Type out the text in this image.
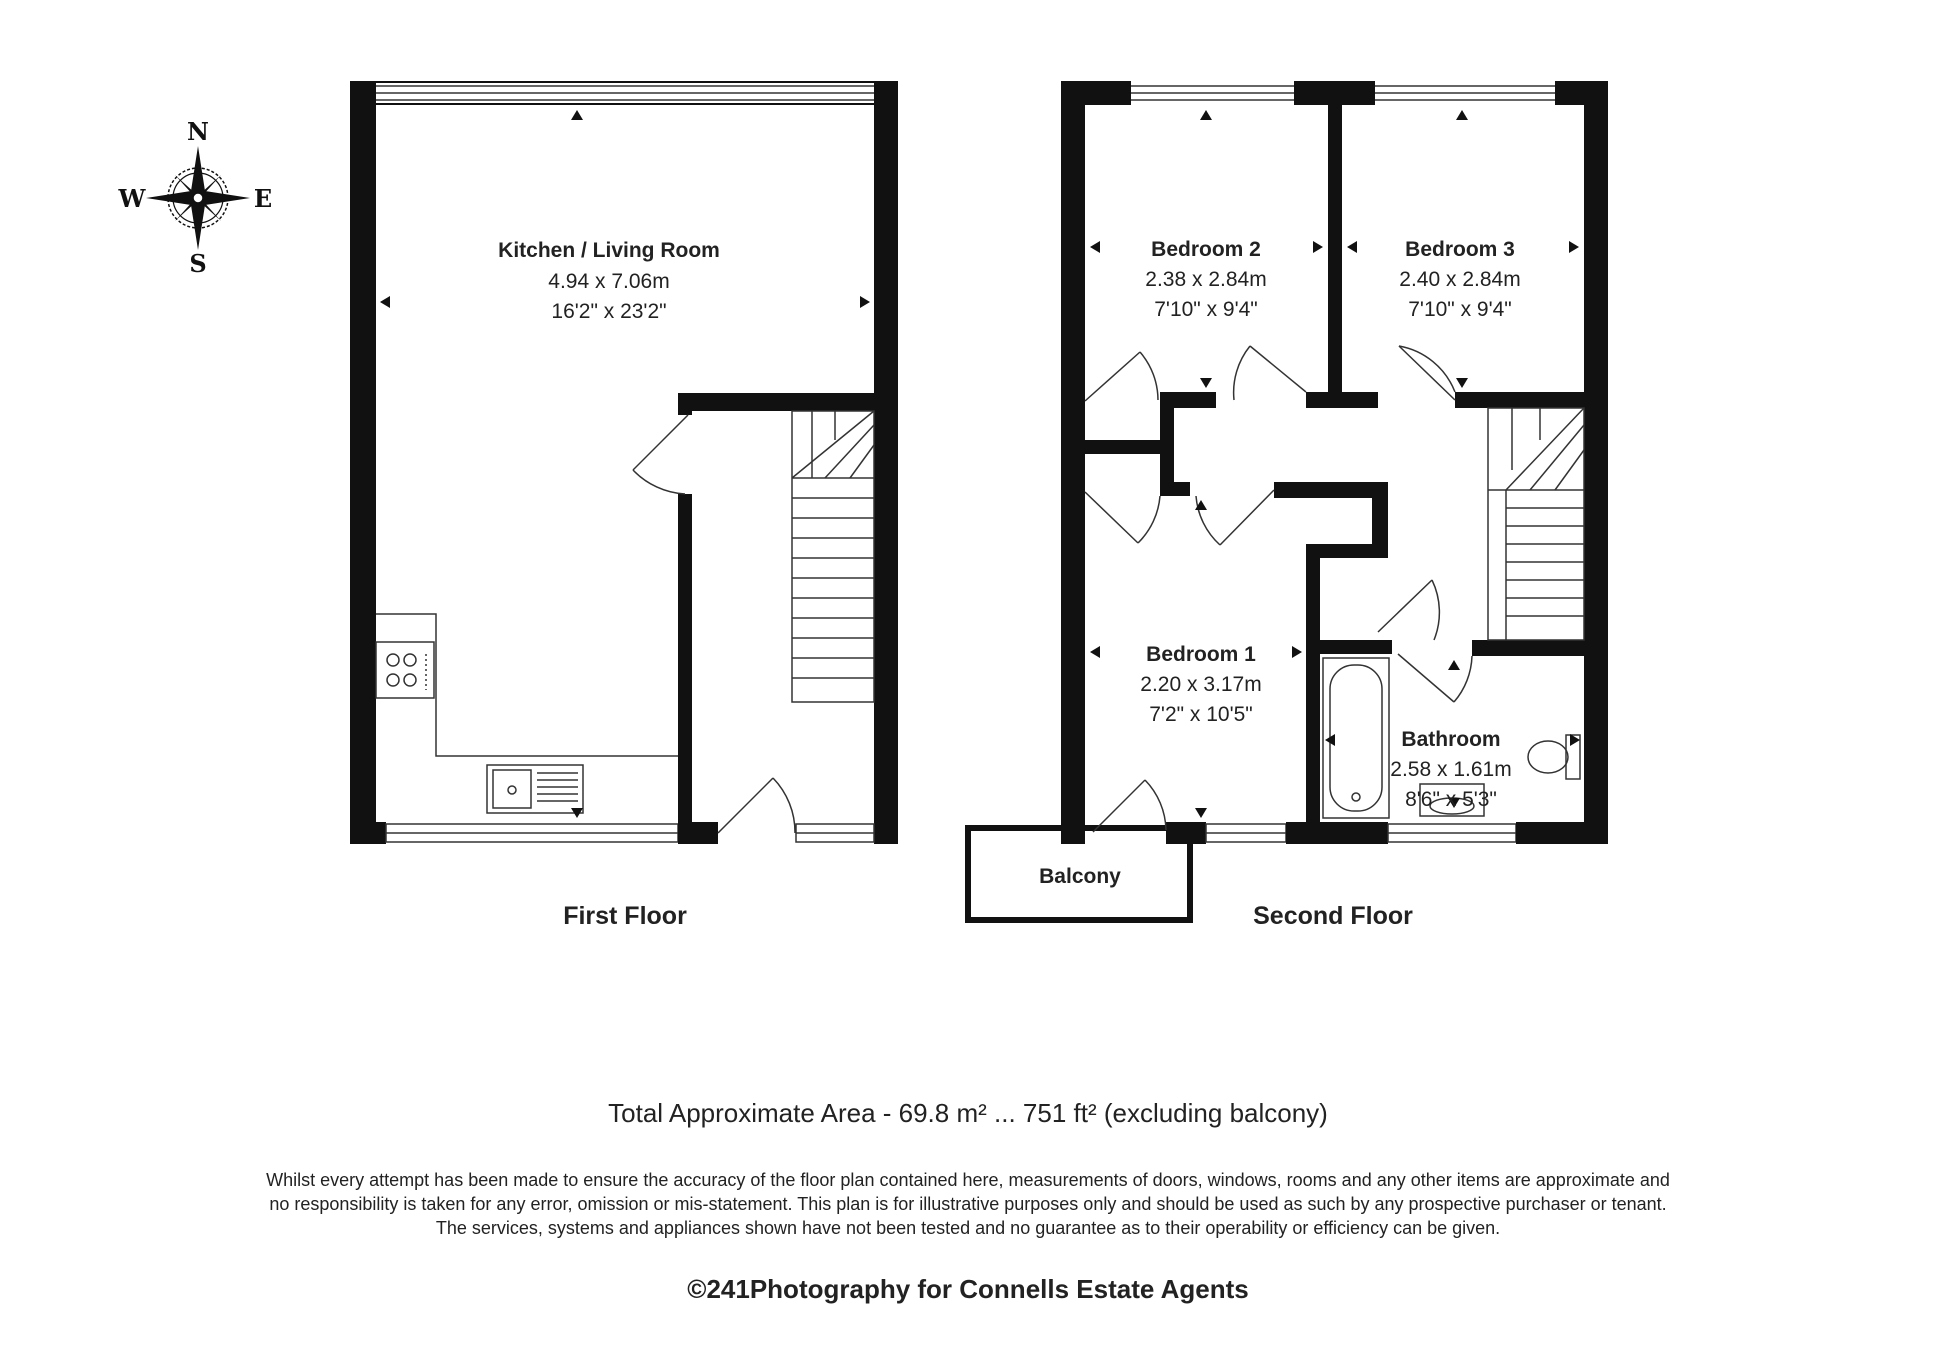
N
S
W	E
Kitchen / Living Room
4.94 x 7.06m
16'2" x 23'2"
First Floor
Balcony
Bedroom 2
2.38 x 2.84m
7'10" x 9'4"
Bedroom 3
2.40 x 2.84m
7'10" x 9'4"
Bedroom 1
2.20 x 3.17m
7'2" x 10'5"
Bathroom
2.58 x 1.61m
8'6" x 5'3"
Second Floor
Total Approximate Area - 69.8 m² ... 751 ft² (excluding balcony)

Whilst every attempt has been made to ensure the accuracy of the floor plan contained here, measurements of doors, windows, rooms and any other items are approximate and

no responsibility is taken for any error, omission or mis-statement. This plan is for illustrative purposes only and should be used as such by any prospective purchaser or tenant.

The services, systems and appliances shown have not been tested and no guarantee as to their operability or efficiency can be given.

©241Photography for Connells Estate Agents
